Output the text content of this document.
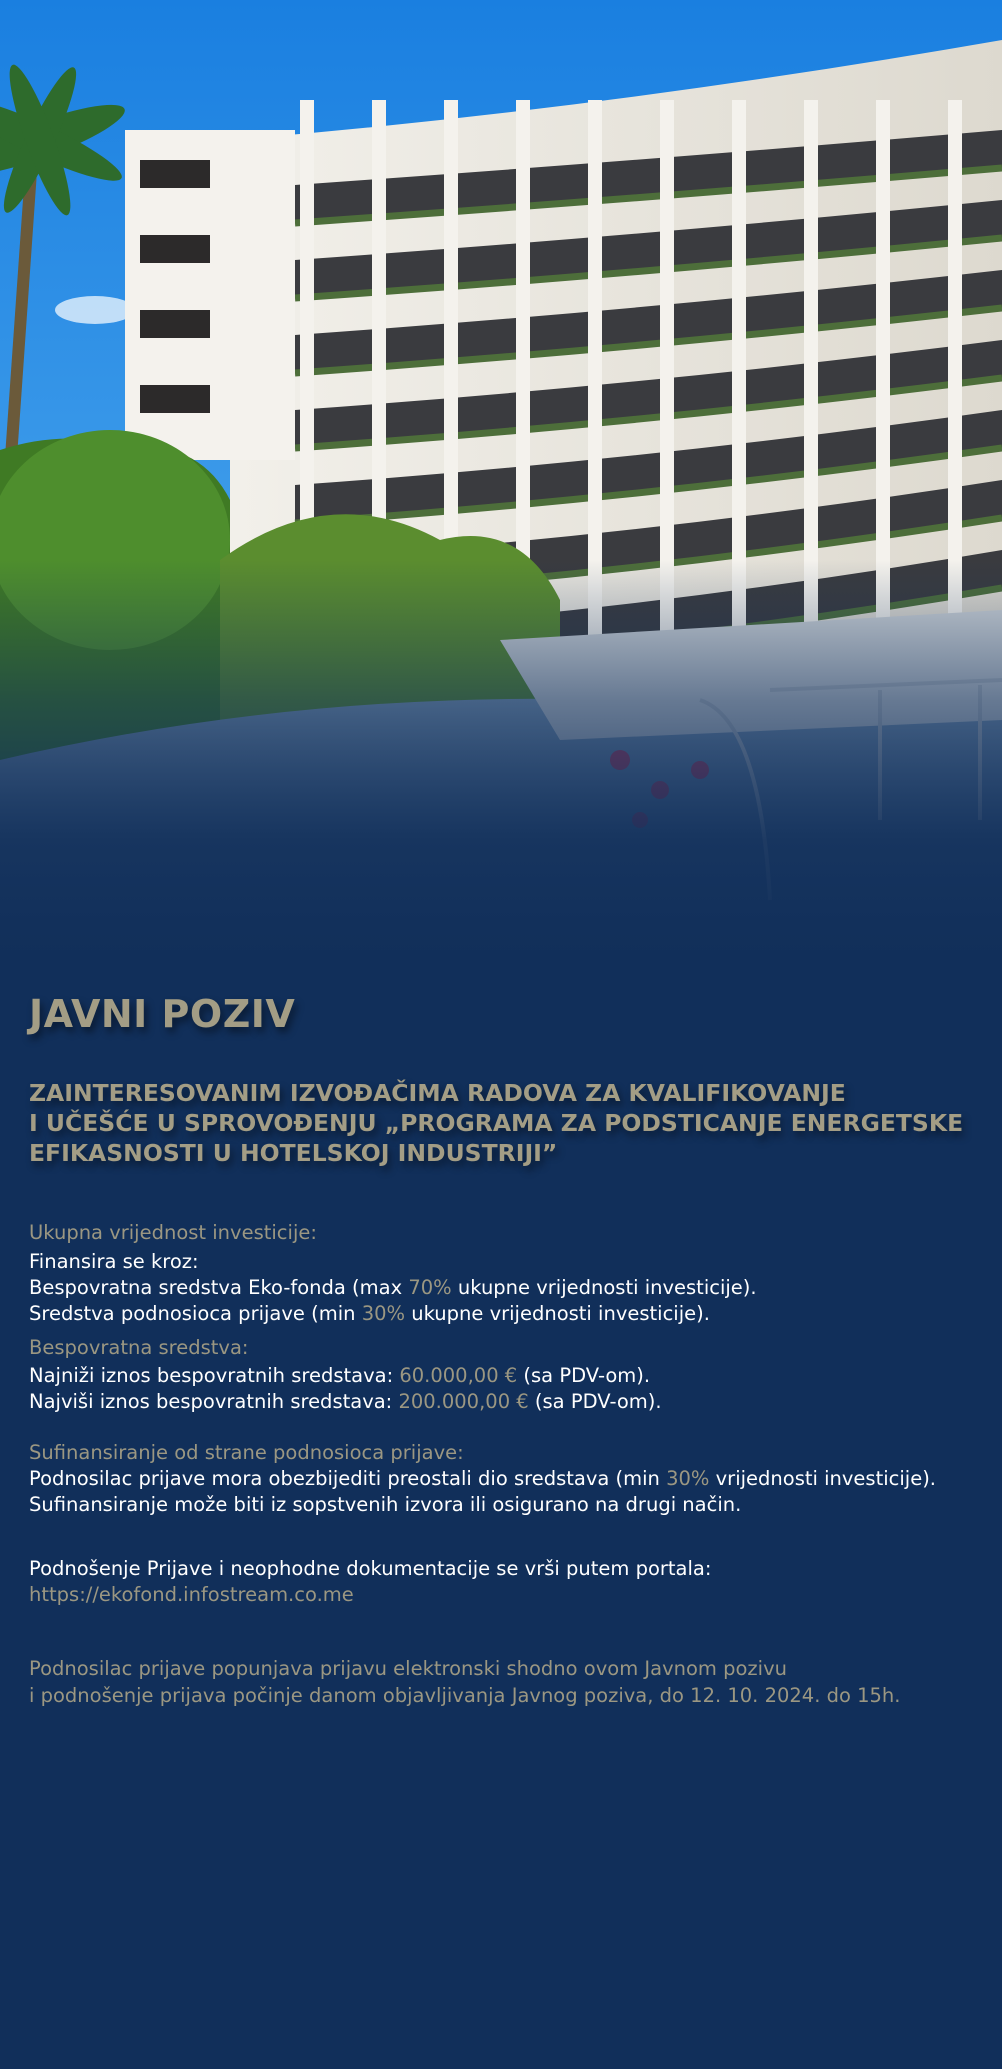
JAVNI POZIV
ZAINTERESOVANIM IZVOĐAČIMA RADOVA ZA KVALIFIKOVANJE
I UČEŠĆE U SPROVOĐENJU „PROGRAMA ZA PODSTICANJE ENERGETSKE
EFIKASNOSTI U HOTELSKOJ INDUSTRIJI”
Ukupna vrijednost investicije:
Finansira se kroz:
Bespovratna sredstva Eko-fonda (max 70% ukupne vrijednosti investicije).
Sredstva podnosioca prijave (min 30% ukupne vrijednosti investicije).
Bespovratna sredstva:
Najniži iznos bespovratnih sredstava: 60.000,00 € (sa PDV-om).
Najviši iznos bespovratnih sredstava: 200.000,00 € (sa PDV-om).
Sufinansiranje od strane podnosioca prijave:
Podnosilac prijave mora obezbijediti preostali dio sredstava (min 30% vrijednosti investicije).
Sufinansiranje može biti iz sopstvenih izvora ili osigurano na drugi način.
Podnošenje Prijave i neophodne dokumentacije se vrši putem portala:
https://ekofond.infostream.co.me
Podnosilac prijave popunjava prijavu elektronski shodno ovom Javnom pozivu
i podnošenje prijava počinje danom objavljivanja Javnog poziva, do 12. 10. 2024. do 15h.
